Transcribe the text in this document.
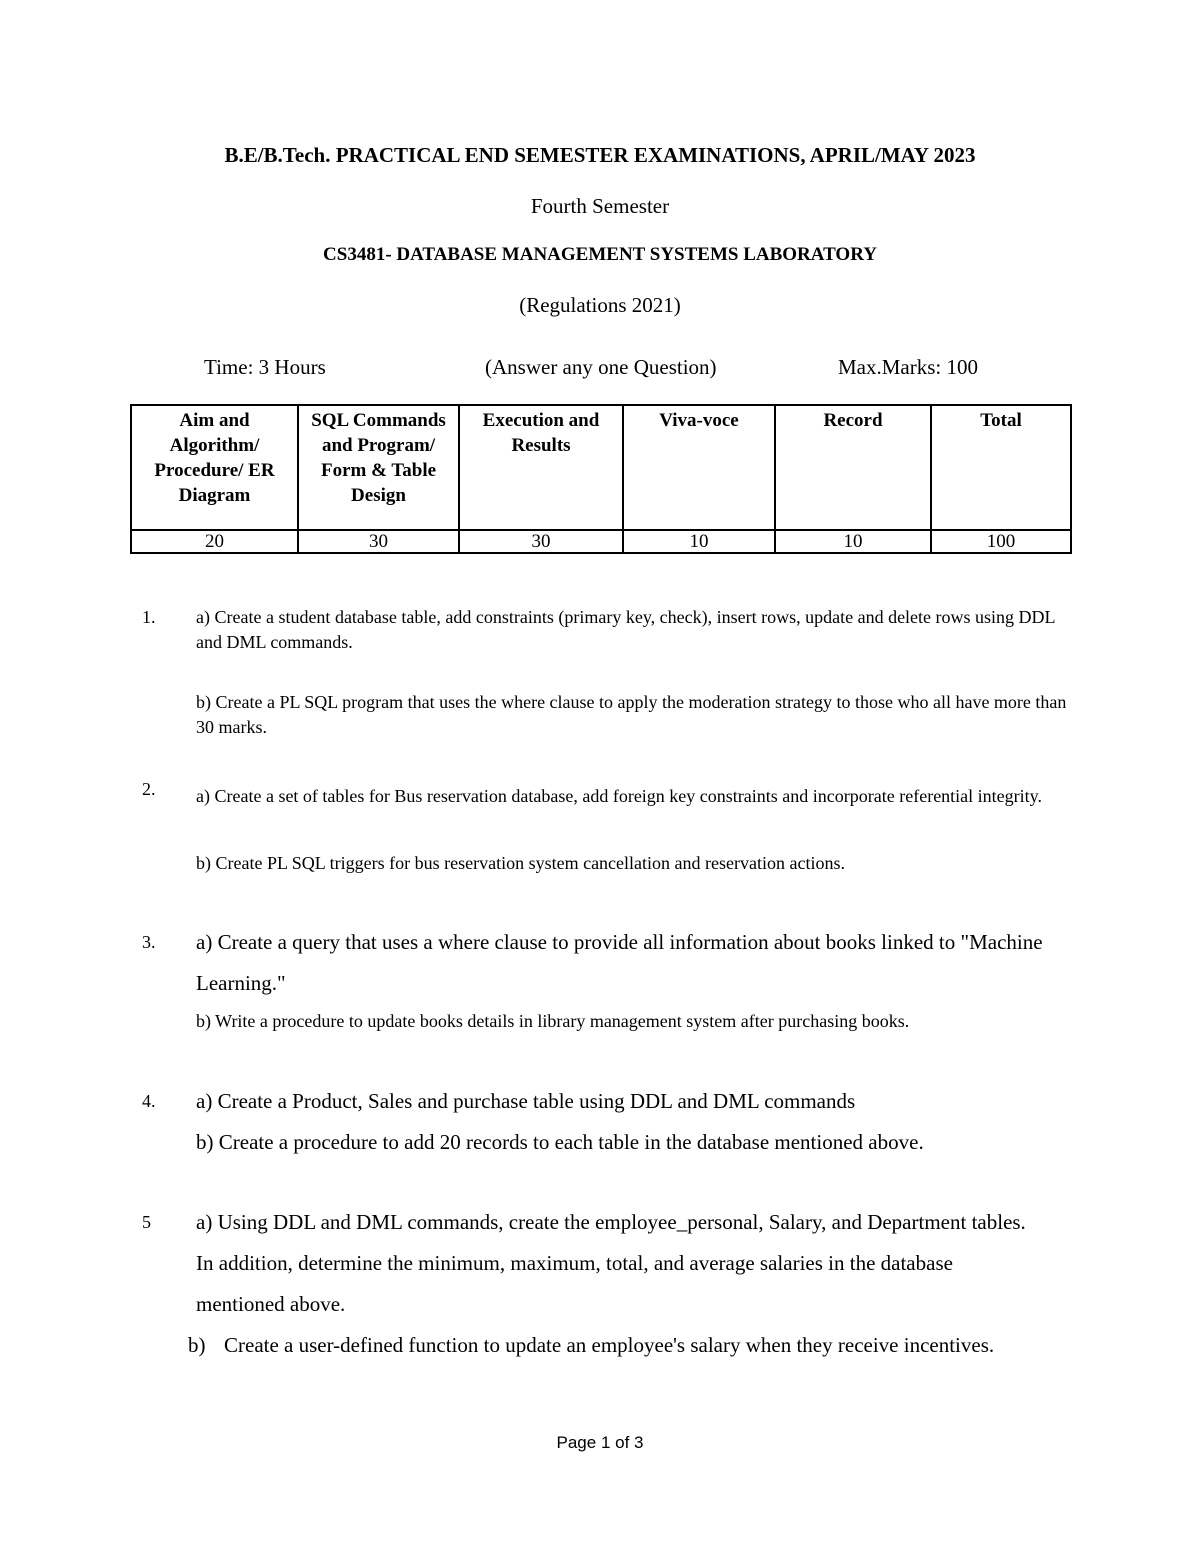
B.E/B.Tech. PRACTICAL END SEMESTER EXAMINATIONS, APRIL/MAY 2023
Fourth Semester
CS3481- DATABASE MANAGEMENT SYSTEMS LABORATORY
(Regulations 2021)
Time: 3 Hours	(Answer any one Question)	Max.Marks: 100
Aim and Algorithm/ Procedure/ ER Diagram	SQL Commands and Program/ Form & Table Design	Execution and Results	Viva-voce	Record	Total
20	30	30	10	10	100
1. a) Create a student database table, add constraints (primary key, check), insert rows, update and delete rows using DDL and DML commands.
b) Create a PL SQL program that uses the where clause to apply the moderation strategy to those who all have more than 30 marks.
2. a) Create a set of tables for Bus reservation database, add foreign key constraints and incorporate referential integrity.
b) Create PL SQL triggers for bus reservation system cancellation and reservation actions.
3. a) Create a query that uses a where clause to provide all information about books linked to "Machine Learning."
b) Write a procedure to update books details in library management system after purchasing books.
4. a) Create a Product, Sales and purchase table using DDL and DML commands
b) Create a procedure to add 20 records to each table in the database mentioned above.
5 a) Using DDL and DML commands, create the employee_personal, Salary, and Department tables. In addition, determine the minimum, maximum, total, and average salaries in the database mentioned above.
b) Create a user-defined function to update an employee's salary when they receive incentives.
Page 1 of 3
